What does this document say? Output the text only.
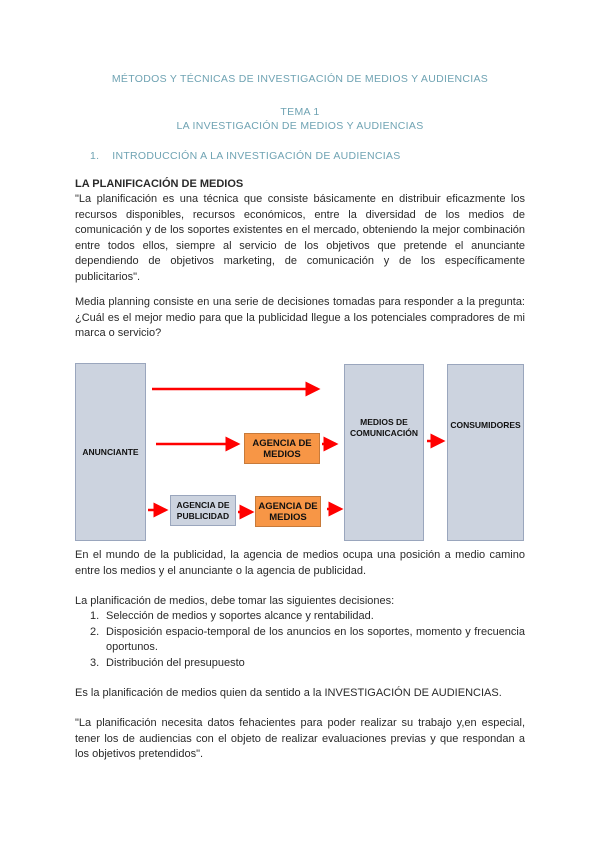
MÉTODOS Y TÉCNICAS DE INVESTIGACIÓN DE MEDIOS Y AUDIENCIAS
TEMA 1
LA INVESTIGACIÓN DE MEDIOS Y AUDIENCIAS
1.    INTRODUCCIÓN A LA INVESTIGACIÓN DE AUDIENCIAS
LA PLANIFICACIÓN DE MEDIOS
"La planificación es una técnica que consiste básicamente en distribuir eficazmente los recursos disponibles, recursos económicos, entre la diversidad de los medios de comunicación y de los soportes existentes en el mercado, obteniendo la mejor combinación entre todos ellos, siempre al servicio de los objetivos que pretende el anunciante dependiendo de objetivos marketing, de comunicación y de los específicamente publicitarios".
Media planning consiste en una serie de decisiones tomadas para responder a la pregunta: ¿Cuál es el mejor medio para que la publicidad llegue a los potenciales compradores de mi marca o servicio?
ANUNCIANTE
MEDIOS DE COMUNICACIÓN
CONSUMIDORES
AGENCIA DE MEDIOS
AGENCIA DE PUBLICIDAD
AGENCIA DE MEDIOS
En el mundo de la publicidad, la agencia de medios ocupa una posición a medio camino entre los medios y el anunciante o la agencia de publicidad.
La planificación de medios, debe tomar las siguientes decisiones:
1. Selección de medios y soportes alcance y rentabilidad.
2. Disposición espacio-temporal de los anuncios en los soportes, momento y frecuencia oportunos.
3. Distribución del presupuesto
Es la planificación de medios quien da sentido a la INVESTIGACIÓN DE AUDIENCIAS.
"La planificación necesita datos fehacientes para poder realizar su trabajo y,en especial, tener los de audiencias con el objeto de realizar evaluaciones previas y que respondan a los objetivos pretendidos".
